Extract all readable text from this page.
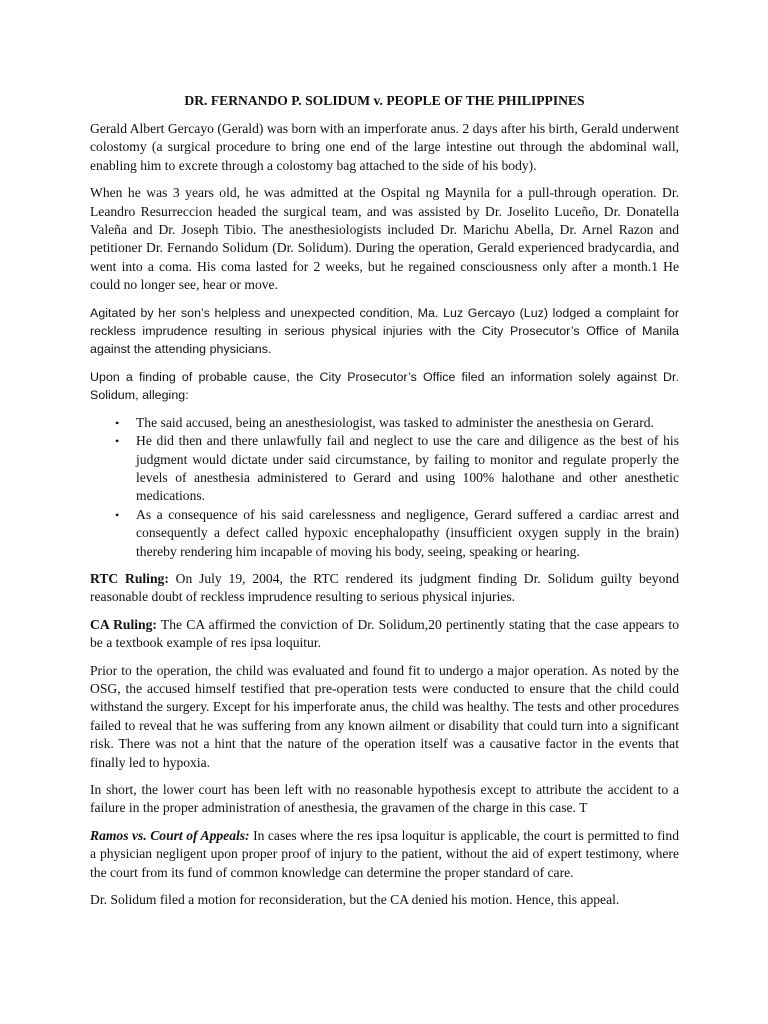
DR. FERNANDO P. SOLIDUM v. PEOPLE OF THE PHILIPPINES

Gerald Albert Gercayo (Gerald) was born with an imperforate anus. 2 days after his birth, Gerald underwent colostomy (a surgical procedure to bring one end of the large intestine out through the abdominal wall, enabling him to excrete through a colostomy bag attached to the side of his body).

When he was 3 years old, he was admitted at the Ospital ng Maynila for a pull-through operation. Dr. Leandro Resurreccion headed the surgical team, and was assisted by Dr. Joselito Luceño, Dr. Donatella Valeña and Dr. Joseph Tibio. The anesthesiologists included Dr. Marichu Abella, Dr. Arnel Razon and petitioner Dr. Fernando Solidum (Dr. Solidum). During the operation, Gerald experienced bradycardia, and went into a coma. His coma lasted for 2 weeks, but he regained consciousness only after a month.1 He could no longer see, hear or move.

Agitated by her son’s helpless and unexpected condition, Ma. Luz Gercayo (Luz) lodged a complaint for reckless imprudence resulting in serious physical injuries with the City Prosecutor’s Office of Manila against the attending physicians.

Upon a finding of probable cause, the City Prosecutor’s Office filed an information solely against Dr. Solidum, alleging:

• The said accused, being an anesthesiologist, was tasked to administer the anesthesia on Gerard.
• He did then and there unlawfully fail and neglect to use the care and diligence as the best of his judgment would dictate under said circumstance, by failing to monitor and regulate properly the levels of anesthesia administered to Gerard and using 100% halothane and other anesthetic medications.
• As a consequence of his said carelessness and negligence, Gerard suffered a cardiac arrest and consequently a defect called hypoxic encephalopathy (insufficient oxygen supply in the brain) thereby rendering him incapable of moving his body, seeing, speaking or hearing.

RTC Ruling: On July 19, 2004, the RTC rendered its judgment finding Dr. Solidum guilty beyond reasonable doubt of reckless imprudence resulting to serious physical injuries.

CA Ruling: The CA affirmed the conviction of Dr. Solidum,20 pertinently stating that the case appears to be a textbook example of res ipsa loquitur.

Prior to the operation, the child was evaluated and found fit to undergo a major operation. As noted by the OSG, the accused himself testified that pre-operation tests were conducted to ensure that the child could withstand the surgery. Except for his imperforate anus, the child was healthy. The tests and other procedures failed to reveal that he was suffering from any known ailment or disability that could turn into a significant risk. There was not a hint that the nature of the operation itself was a causative factor in the events that finally led to hypoxia.

In short, the lower court has been left with no reasonable hypothesis except to attribute the accident to a failure in the proper administration of anesthesia, the gravamen of the charge in this case. T

Ramos vs. Court of Appeals: In cases where the res ipsa loquitur is applicable, the court is permitted to find a physician negligent upon proper proof of injury to the patient, without the aid of expert testimony, where the court from its fund of common knowledge can determine the proper standard of care.

Dr. Solidum filed a motion for reconsideration, but the CA denied his motion. Hence, this appeal.
